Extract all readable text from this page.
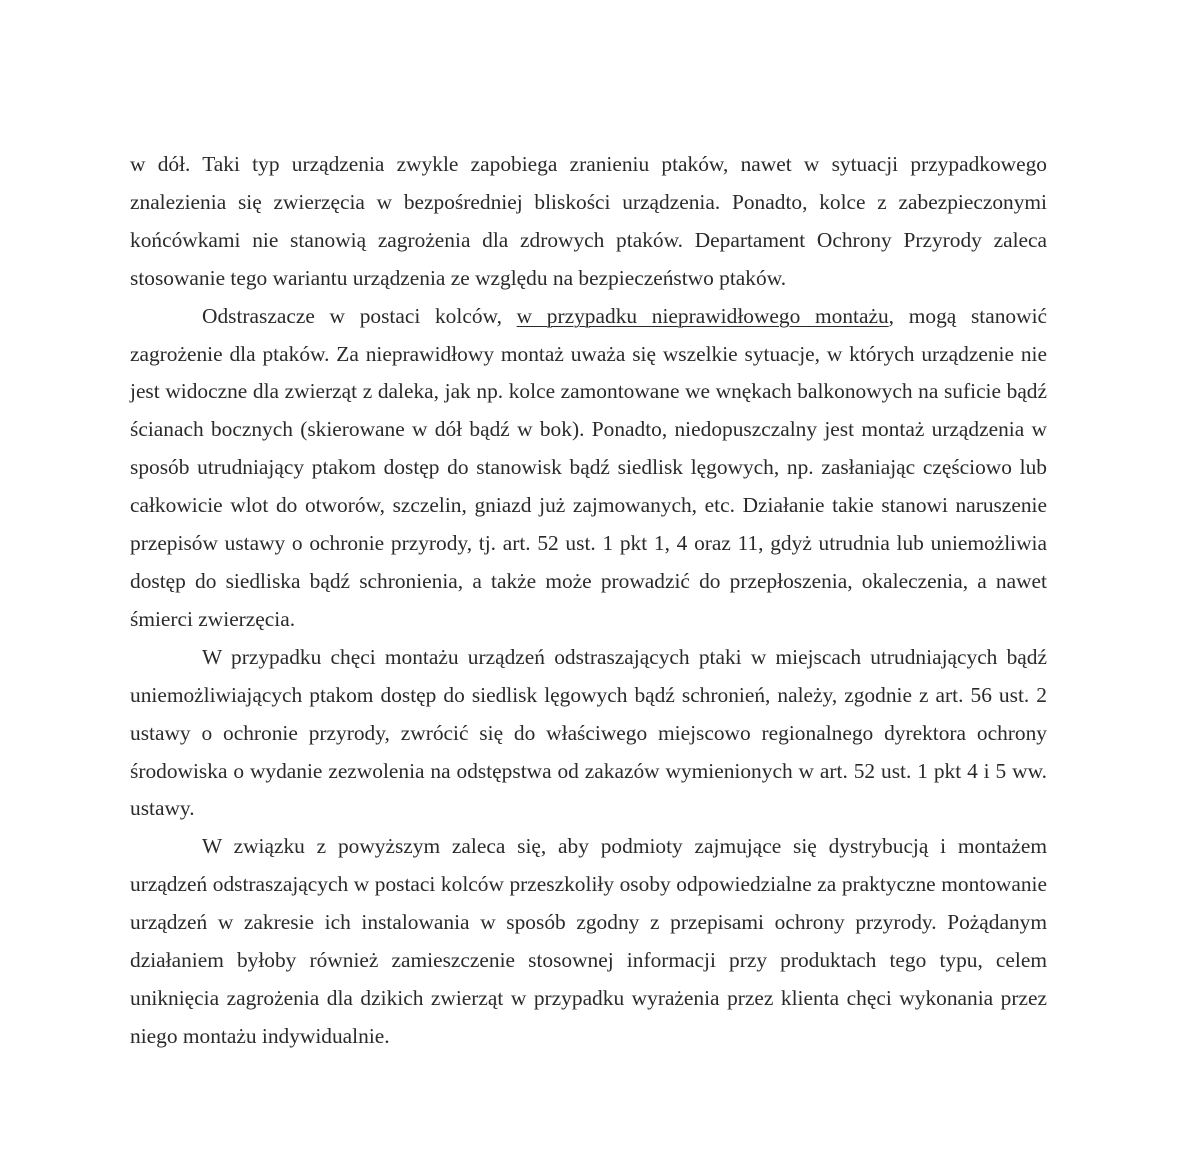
w dół. Taki typ urządzenia zwykle zapobiega zranieniu ptaków, nawet w sytuacji przypadkowego znalezienia się zwierzęcia w bezpośredniej bliskości urządzenia. Ponadto, kolce z zabezpieczonymi końcówkami nie stanowią zagrożenia dla zdrowych ptaków. Departament Ochrony Przyrody zaleca stosowanie tego wariantu urządzenia ze względu na bezpieczeństwo ptaków.

Odstraszacze w postaci kolców, w przypadku nieprawidłowego montażu, mogą stanowić zagrożenie dla ptaków. Za nieprawidłowy montaż uważa się wszelkie sytuacje, w których urządzenie nie jest widoczne dla zwierząt z daleka, jak np. kolce zamontowane we wnękach balkonowych na suficie bądź ścianach bocznych (skierowane w dół bądź w bok). Ponadto, niedopuszczalny jest montaż urządzenia w sposób utrudniający ptakom dostęp do stanowisk bądź siedlisk lęgowych, np. zasłaniając częściowo lub całkowicie wlot do otworów, szczelin, gniazd już zajmowanych, etc. Działanie takie stanowi naruszenie przepisów ustawy o ochronie przyrody, tj. art. 52 ust. 1 pkt 1, 4 oraz 11, gdyż utrudnia lub uniemożliwia dostęp do siedliska bądź schronienia, a także może prowadzić do przepłoszenia, okaleczenia, a nawet śmierci zwierzęcia.

W przypadku chęci montażu urządzeń odstraszających ptaki w miejscach utrudniających bądź uniemożliwiających ptakom dostęp do siedlisk lęgowych bądź schronień, należy, zgodnie z art. 56 ust. 2 ustawy o ochronie przyrody, zwrócić się do właściwego miejscowo regionalnego dyrektora ochrony środowiska o wydanie zezwolenia na odstępstwa od zakazów wymienionych w art. 52 ust. 1 pkt 4 i 5 ww. ustawy.

W związku z powyższym zaleca się, aby podmioty zajmujące się dystrybucją i montażem urządzeń odstraszających w postaci kolców przeszkoliły osoby odpowiedzialne za praktyczne montowanie urządzeń w zakresie ich instalowania w sposób zgodny z przepisami ochrony przyrody. Pożądanym działaniem byłoby również zamieszczenie stosownej informacji przy produktach tego typu, celem uniknięcia zagrożenia dla dzikich zwierząt w przypadku wyrażenia przez klienta chęci wykonania przez niego montażu indywidualnie.
